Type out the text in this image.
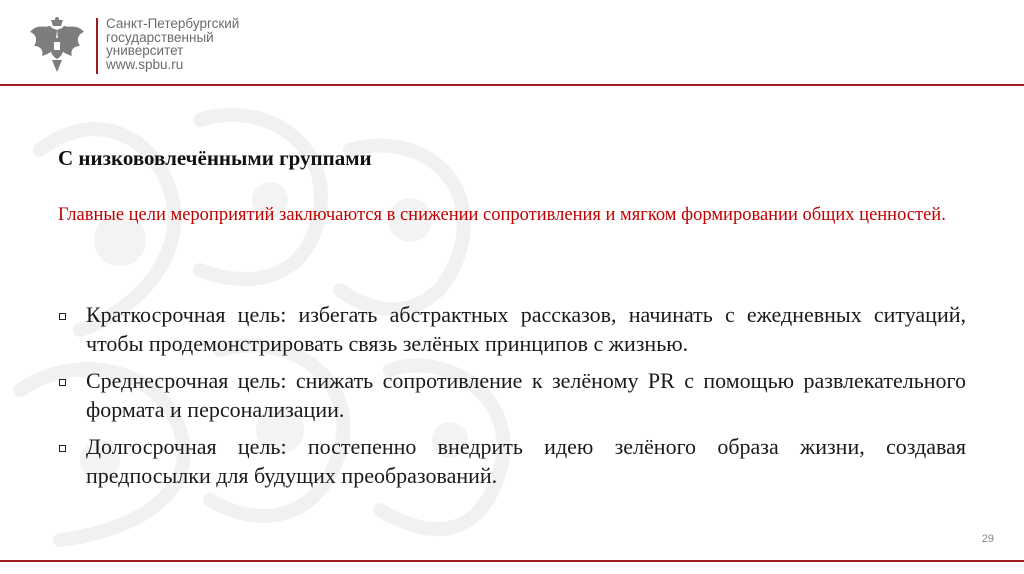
Санкт-Петербургский
государственный
университет
www.spbu.ru
С низкововлечёнными группами
Главные цели мероприятий заключаются в снижении сопротивления и мягком формировании общих ценностей.
Краткосрочная цель: избегать абстрактных рассказов, начинать с ежедневных ситуаций, чтобы продемонстрировать связь зелёных принципов с жизнью.
Среднесрочная цель: снижать сопротивление к зелёному PR с помощью развлекательного формата и персонализации.
Долгосрочная цель: постепенно внедрить идею зелёного образа жизни, создавая предпосылки для будущих преобразований.
29
